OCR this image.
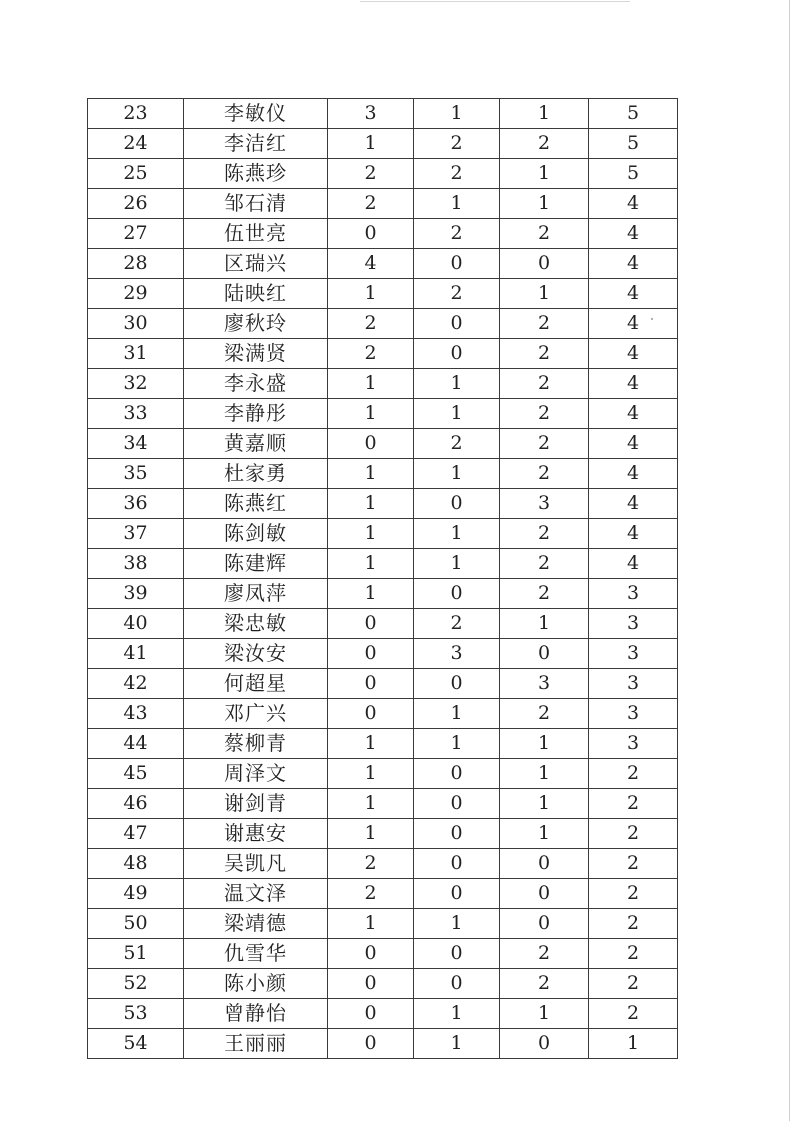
23	李敏仪	3	1	1	5
24	李洁红	1	2	2	5
25	陈燕珍	2	2	1	5
26	邹石清	2	1	1	4
27	伍世亮	0	2	2	4
28	区瑞兴	4	0	0	4
29	陆映红	1	2	1	4
30	廖秋玲	2	0	2	4
31	梁满贤	2	0	2	4
32	李永盛	1	1	2	4
33	李静彤	1	1	2	4
34	黄嘉顺	0	2	2	4
35	杜家勇	1	1	2	4
36	陈燕红	1	0	3	4
37	陈剑敏	1	1	2	4
38	陈建辉	1	1	2	4
39	廖凤萍	1	0	2	3
40	梁忠敏	0	2	1	3
41	梁汝安	0	3	0	3
42	何超星	0	0	3	3
43	邓广兴	0	1	2	3
44	蔡柳青	1	1	1	3
45	周泽文	1	0	1	2
46	谢剑青	1	0	1	2
47	谢惠安	1	0	1	2
48	吴凯凡	2	0	0	2
49	温文泽	2	0	0	2
50	梁靖德	1	1	0	2
51	仇雪华	0	0	2	2
52	陈小颜	0	0	2	2
53	曾静怡	0	1	1	2
54	王丽丽	0	1	0	1
